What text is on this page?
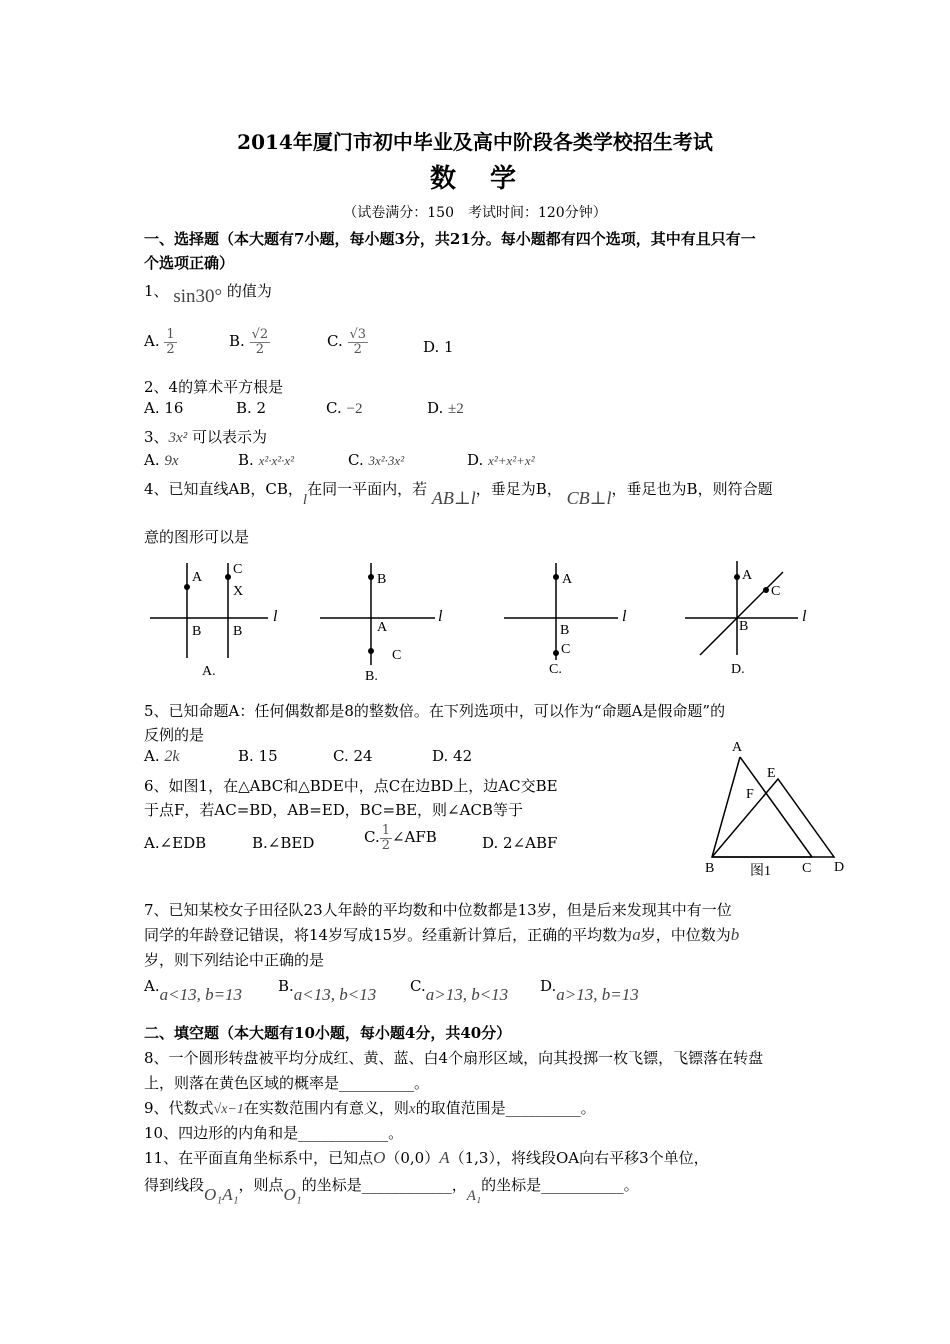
2014年厦门市初中毕业及高中阶段各类学校招生考试
数　学
（试卷满分：150　考试时间：120分钟）
一、选择题（本大题有7小题，每小题3分，共21分。每小题都有四个选项，其中有且只有一
个选项正确）
1、 sin30° 的值为
A. $\frac{1}{2}$	B. $\frac{√2}{2}$	C. $\frac{√3}{2}$	D. 1
2、4的算术平方根是
A. 16	B. 2	C. −2	D. ±2
3、3x² 可以表示为
A. 9x	B. x²·x²·x²	C. 3x²·3x²	D. x²+x²+x²
4、已知直线AB，CB，l在同一平面内，若 AB⊥l，垂足为B， CB⊥l，垂足也为B，则符合题
意的图形可以是
A
C
X
B B
l
A.
B
A
C
l
B.
A
B
C
l
C.
A
C
B
l
D.
5、已知命题A：任何偶数都是8的整数倍。在下列选项中，可以作为“命题A是假命题”的
反例的是
A. 2k	B. 15	C. 24	D. 42
6、如图1，在△ABC和△BDE中，点C在边BD上，边AC交BE
于点F，若AC=BD，AB=ED，BC=BE，则∠ACB等于
A.∠EDB	B.∠BED	C. $\frac{1}{2}$ ∠AFB	D. 2∠ABF
A
E
F
B	C D
图1
7、已知某校女子田径队23人年龄的平均数和中位数都是13岁，但是后来发现其中有一位
同学的年龄登记错误，将14岁写成15岁。经重新计算后，正确的平均数为a岁，中位数为b
岁，则下列结论中正确的是
A.a<13, b=13 B.a<13, b<13 C.a>13, b<13 D.a>13, b=13
二、填空题（本大题有10小题，每小题4分，共40分）
8、一个圆形转盘被平均分成红、黄、蓝、白4个扇形区域，向其投掷一枚飞镖，飞镖落在转盘
上，则落在黄色区域的概率是__________。
9、代数式√x−1在实数范围内有意义，则x的取值范围是__________。
10、四边形的内角和是____________。
11、在平面直角坐标系中，已知点O（0,0）A（1,3），将线段OA向右平移3个单位，
得到线段O₁A₁，则点O₁的坐标是____________，A₁的坐标是___________。
